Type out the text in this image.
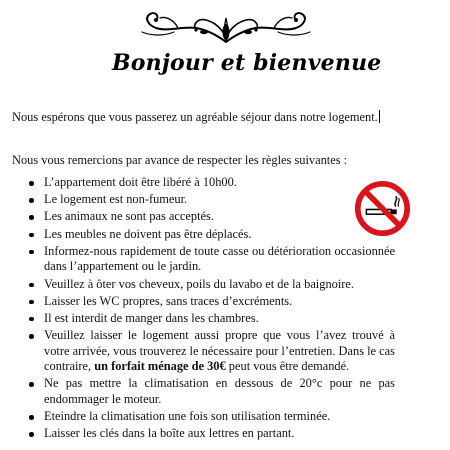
Bonjour et bienvenue
Nous espérons que vous passerez un agréable séjour dans notre logement.
Nous vous remercions par avance de respecter les règles suivantes :
L’appartement doit être libéré à 10h00.
Le logement est non-fumeur.
Les animaux ne sont pas acceptés.
Les meubles ne doivent pas être déplacés.
Informez-nous rapidement de toute casse ou détérioration occasionnée dans l’appartement ou le jardin.
Veuillez à ôter vos cheveux, poils du lavabo et de la baignoire.
Laisser les WC propres, sans traces d’excréments.
Il est interdit de manger dans les chambres.
Veuillez laisser le logement aussi propre que vous l’avez trouvé à votre arrivée, vous trouverez le nécessaire pour l’entretien. Dans le cas contraire, un forfait ménage de 30€ peut vous être demandé.
Ne pas mettre la climatisation en dessous de 20°c pour ne pas endommager le moteur.
Eteindre la climatisation une fois son utilisation terminée.
Laisser les clés dans la boîte aux lettres en partant.
